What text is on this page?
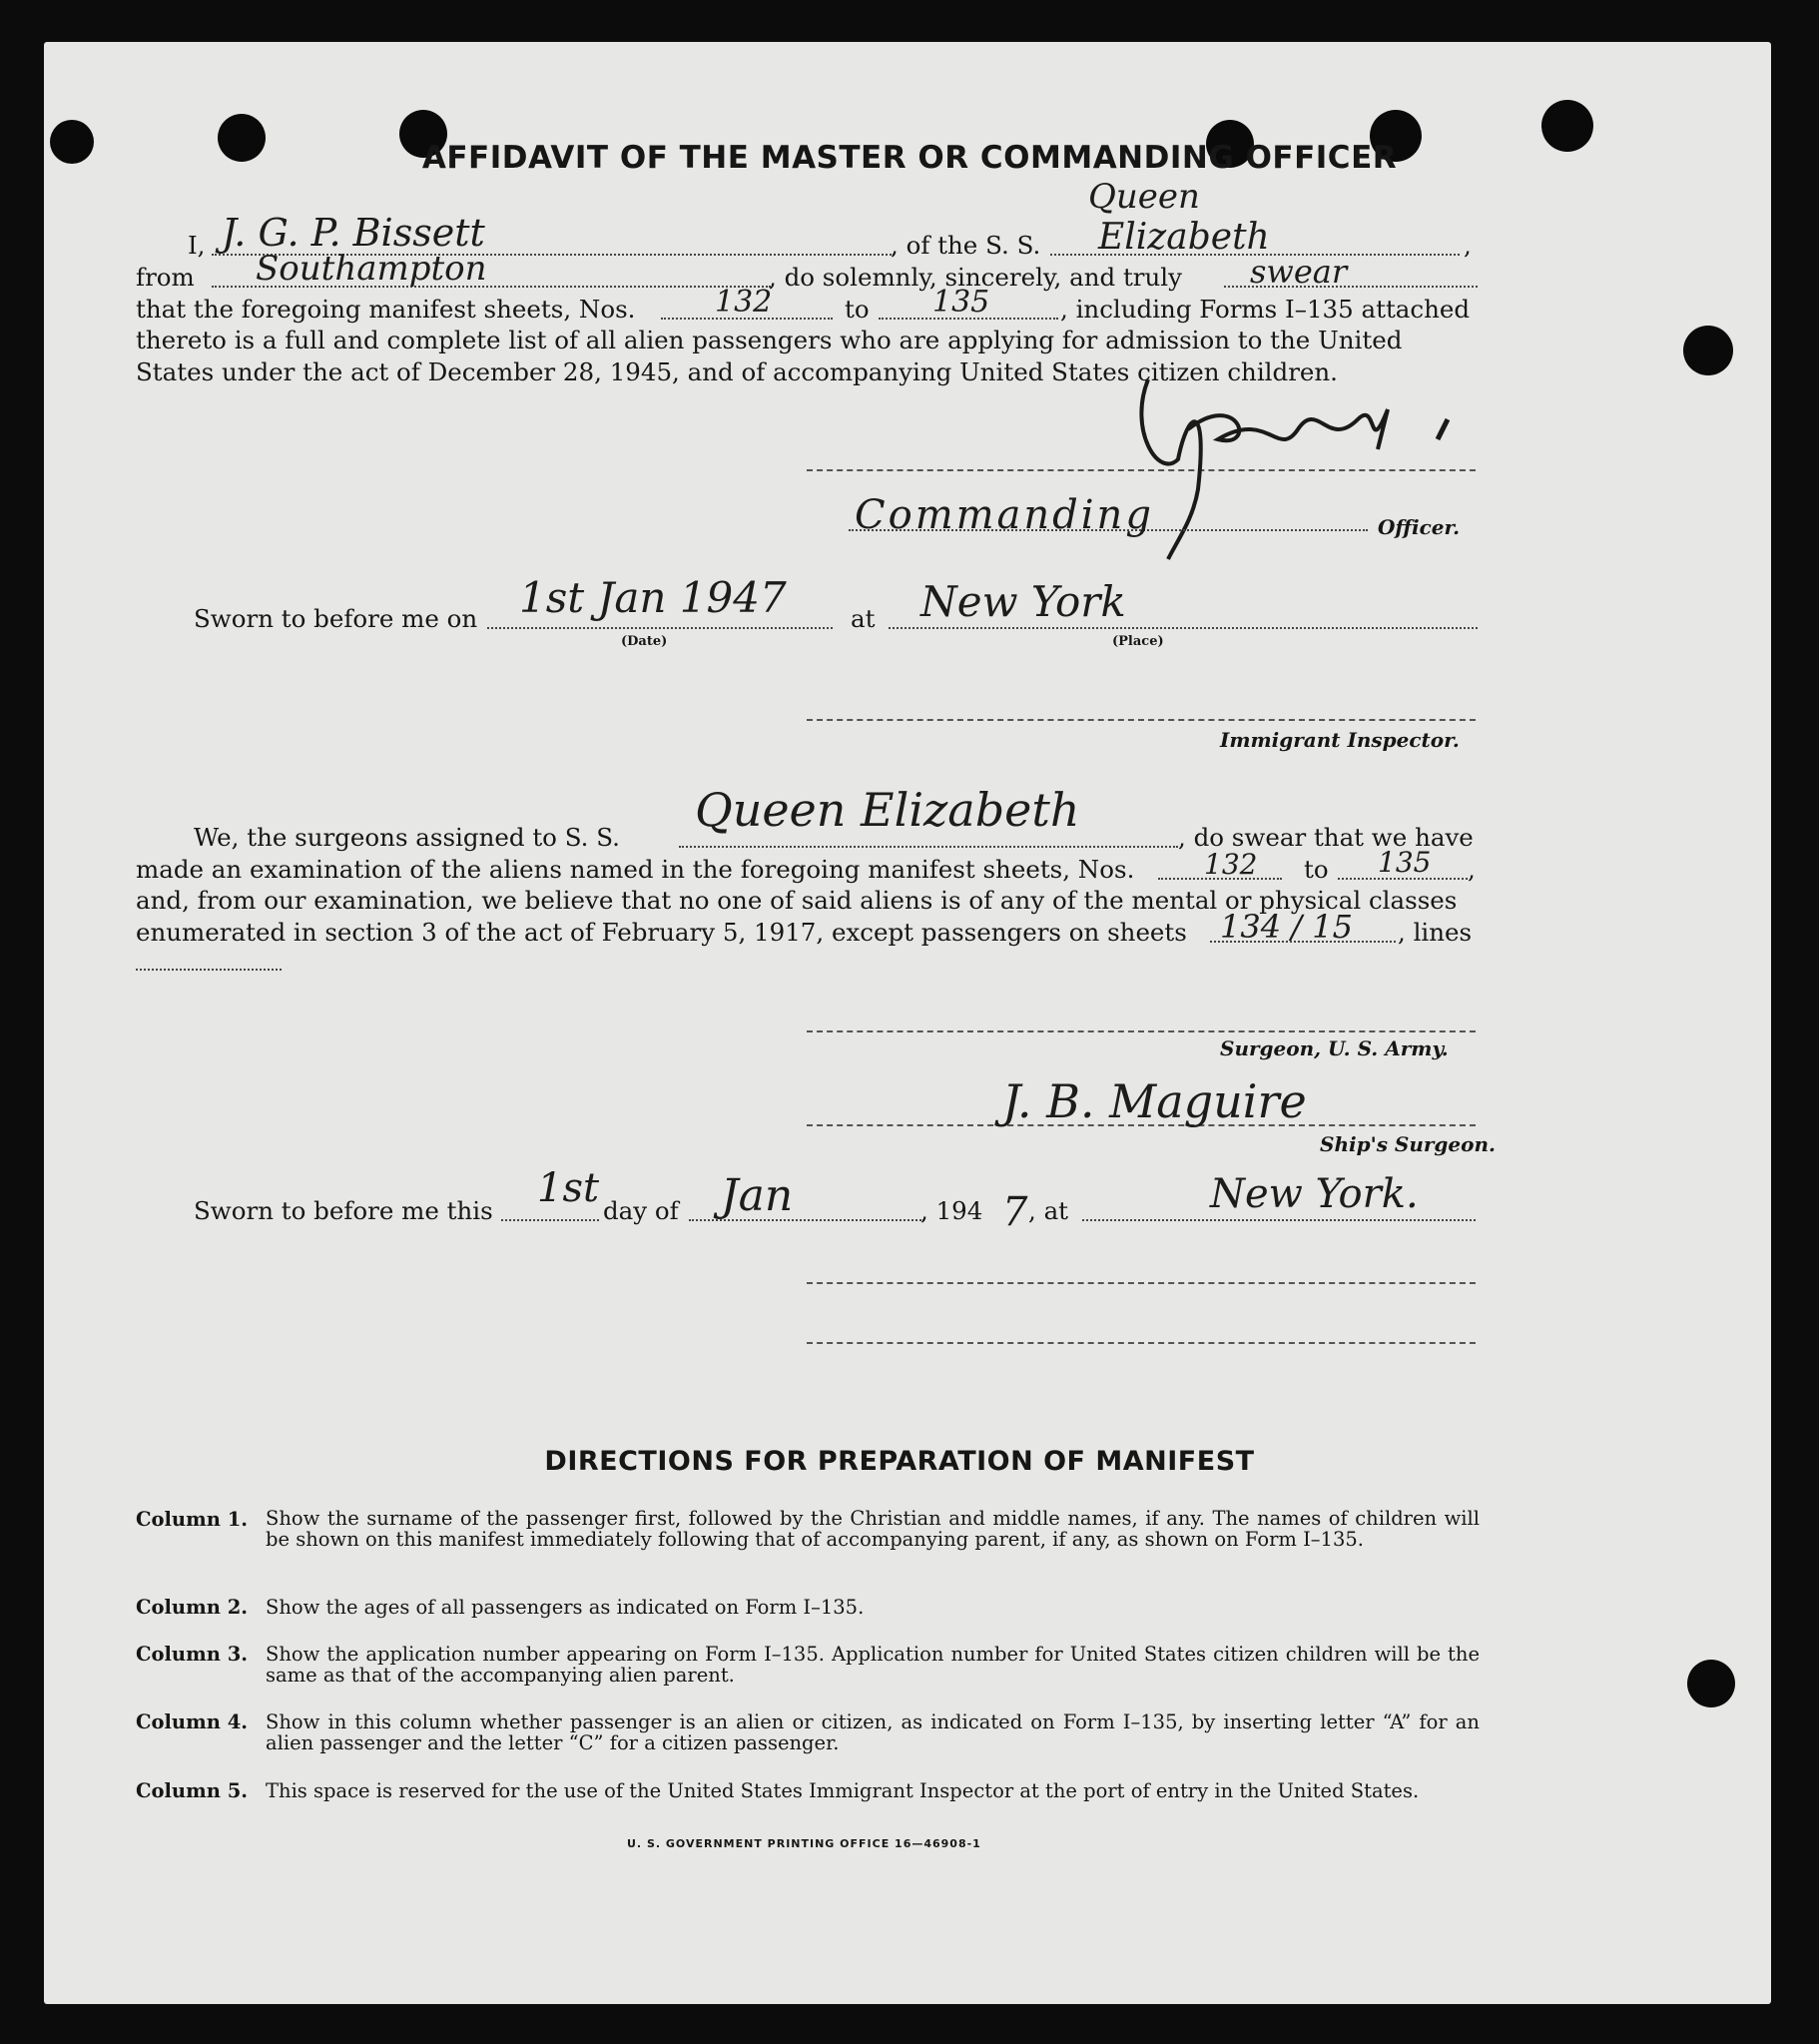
AFFIDAVIT OF THE MASTER OR COMMANDING OFFICER
I, J. G. P. Bissett	, of the S. S.
Queen
Elizabeth	,
from Southampton	, do solemnly, sincerely, and truly swear
that the foregoing manifest sheets, Nos.	132	to 135	, including Forms I–135 attached
thereto is a full and complete list of all alien passengers who are applying for admission to the United
States under the act of December 28, 1945, and of accompanying United States citizen children.
Commanding	Officer.
Sworn to before me on 1st Jan 1947
(Date)
at New York
(Place)
Immigrant Inspector.
We, the surgeons assigned to S. S.
Queen Elizabeth
, do swear that we have
made an examination of the aliens named in the foregoing manifest sheets, Nos. 132 to 135 ,
and, from our examination, we believe that no one of said aliens is of any of the mental or physical classes
enumerated in section 3 of the act of February 5, 1917, except passengers on sheets 134 / 15 , lines
Surgeon, U. S. Army.
J. B. Maguire
Ship's Surgeon.
Sworn to before me this 1st day of Jan	, 194 7 , at	New York.
DIRECTIONS FOR PREPARATION OF MANIFEST
Column 1. Show the surname of the passenger first, followed by the Christian and middle names, if any. The names of children will be shown on this manifest immediately following that of accompanying parent, if any, as shown on Form I–135.
Column 2. Show the ages of all passengers as indicated on Form I–135.
Column 3. Show the application number appearing on Form I–135. Application number for United States citizen children will be the same as that of the accompanying alien parent.
Column 4. Show in this column whether passenger is an alien or citizen, as indicated on Form I–135, by inserting letter “A” for an alien passenger and the letter “C” for a citizen passenger.
Column 5. This space is reserved for the use of the United States Immigrant Inspector at the port of entry in the United States.
U. S. GOVERNMENT PRINTING OFFICE 16—46908-1
